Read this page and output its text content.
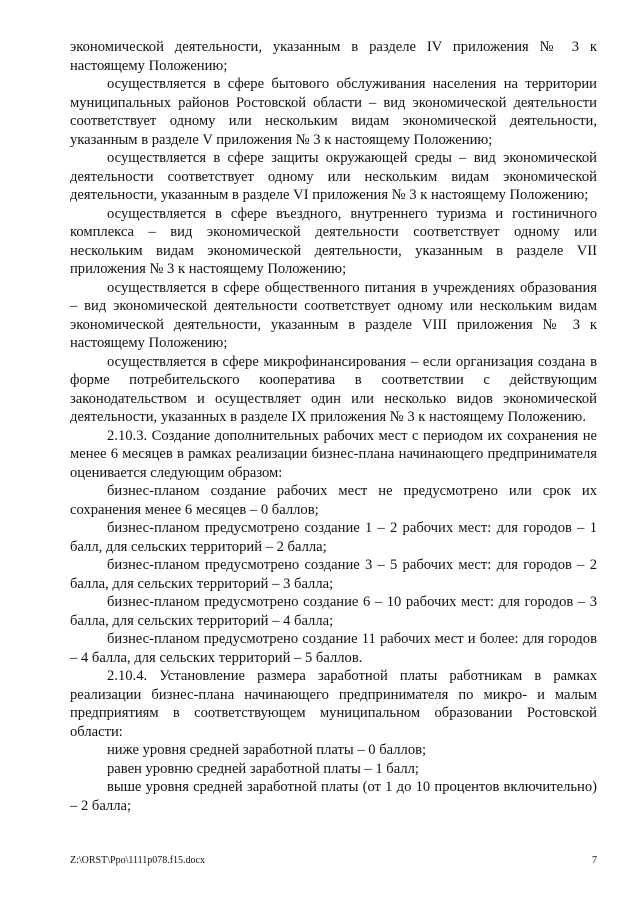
экономической деятельности, указанным в разделе IV приложения № 3 к настоящему Положению;

осуществляется в сфере бытового обслуживания населения на территории муниципальных районов Ростовской области – вид экономической деятельности соответствует одному или нескольким видам экономической деятельности, указанным в разделе V приложения № 3 к настоящему Положению;

осуществляется в сфере защиты окружающей среды – вид экономической деятельности соответствует одному или нескольким видам экономической деятельности, указанным в разделе VI приложения № 3 к настоящему Положению;

осуществляется в сфере въездного, внутреннего туризма и гостиничного комплекса – вид экономической деятельности соответствует одному или нескольким видам экономической деятельности, указанным в разделе VII приложения № 3 к настоящему Положению;

осуществляется в сфере общественного питания в учреждениях образования – вид экономической деятельности соответствует одному или нескольким видам экономической деятельности, указанным в разделе VIII приложения № 3 к настоящему Положению;

осуществляется в сфере микрофинансирования – если организация создана в форме потребительского кооператива в соответствии с действующим законодательством и осуществляет один или несколько видов экономической деятельности, указанных в разделе IX приложения № 3 к настоящему Положению.

2.10.3. Создание дополнительных рабочих мест с периодом их сохранения не менее 6 месяцев в рамках реализации бизнес-плана начинающего предпринимателя оценивается следующим образом:

бизнес-планом создание рабочих мест не предусмотрено или срок их сохранения менее 6 месяцев – 0 баллов;

бизнес-планом предусмотрено создание 1 – 2 рабочих мест: для городов – 1 балл, для сельских территорий – 2 балла;

бизнес-планом предусмотрено создание 3 – 5 рабочих мест: для городов – 2 балла, для сельских территорий – 3 балла;

бизнес-планом предусмотрено создание 6 – 10 рабочих мест: для городов – 3 балла, для сельских территорий – 4 балла;

бизнес-планом предусмотрено создание 11 рабочих мест и более: для городов – 4 балла, для сельских территорий – 5 баллов.

2.10.4. Установление размера заработной платы работникам в рамках реализации бизнес-плана начинающего предпринимателя по микро- и малым предприятиям в соответствующем муниципальном образовании Ростовской области:

ниже уровня средней заработной платы – 0 баллов;

равен уровню средней заработной платы – 1 балл;

выше уровня средней заработной платы (от 1 до 10 процентов включительно) – 2 балла;

Z:\ORST\Ppo\1111p078.f15.docx	7
